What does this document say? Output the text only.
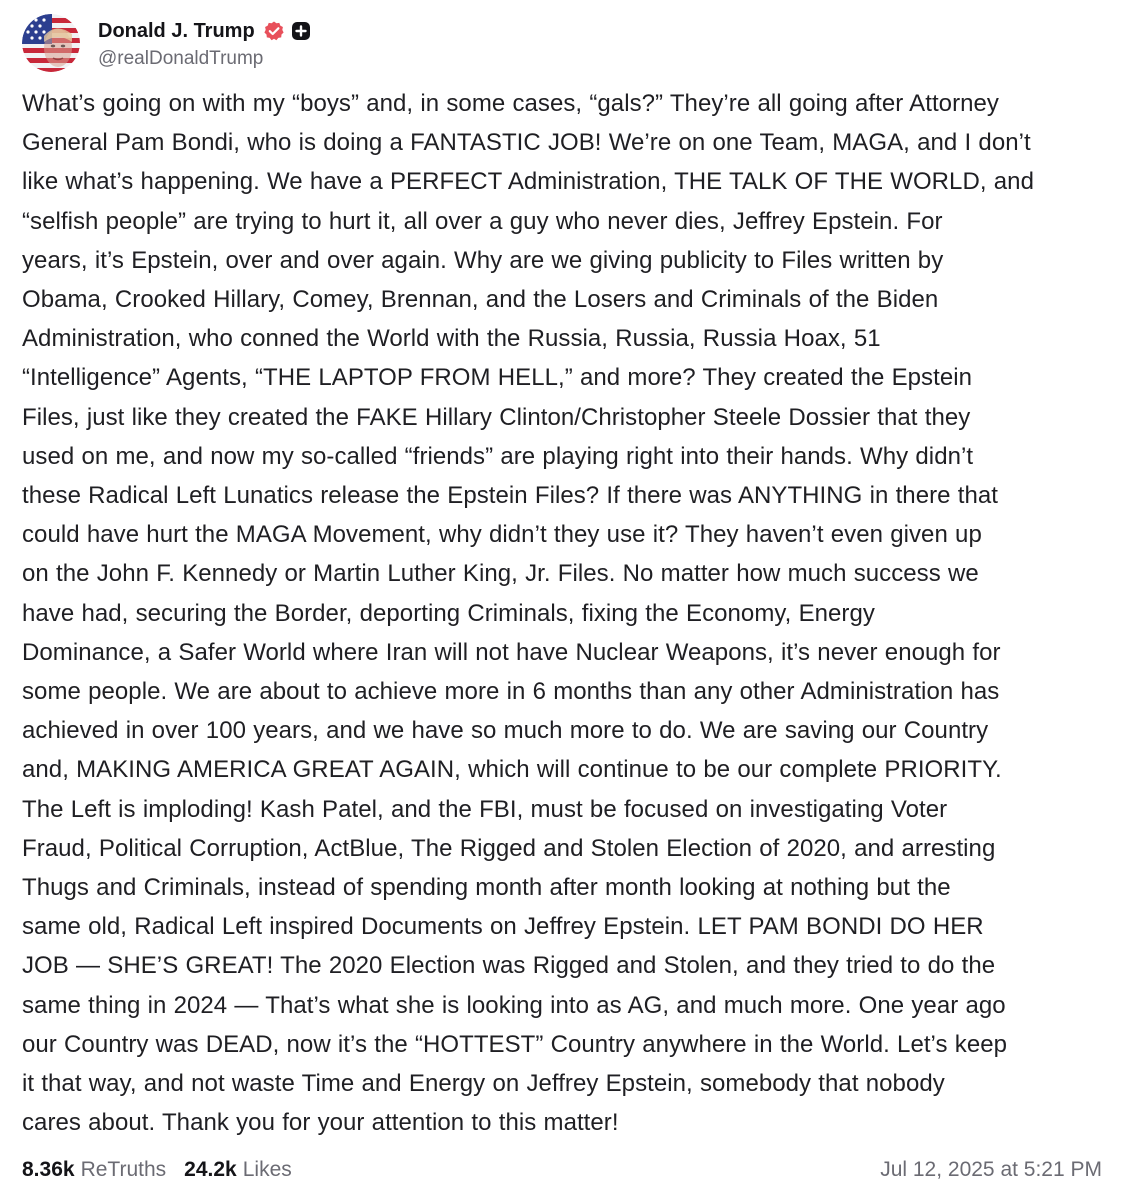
Donald J. Trump
@realDonaldTrump
What’s going on with my “boys” and, in some cases, “gals?” They’re all going after Attorney
General Pam Bondi, who is doing a FANTASTIC JOB! We’re on one Team, MAGA, and I don’t
like what’s happening. We have a PERFECT Administration, THE TALK OF THE WORLD, and
“selfish people” are trying to hurt it, all over a guy who never dies, Jeffrey Epstein. For
years, it’s Epstein, over and over again. Why are we giving publicity to Files written by
Obama, Crooked Hillary, Comey, Brennan, and the Losers and Criminals of the Biden
Administration, who conned the World with the Russia, Russia, Russia Hoax, 51
“Intelligence” Agents, “THE LAPTOP FROM HELL,” and more? They created the Epstein
Files, just like they created the FAKE Hillary Clinton/Christopher Steele Dossier that they
used on me, and now my so-called “friends” are playing right into their hands. Why didn’t
these Radical Left Lunatics release the Epstein Files? If there was ANYTHING in there that
could have hurt the MAGA Movement, why didn’t they use it? They haven’t even given up
on the John F. Kennedy or Martin Luther King, Jr. Files. No matter how much success we
have had, securing the Border, deporting Criminals, fixing the Economy, Energy
Dominance, a Safer World where Iran will not have Nuclear Weapons, it’s never enough for
some people. We are about to achieve more in 6 months than any other Administration has
achieved in over 100 years, and we have so much more to do. We are saving our Country
and, MAKING AMERICA GREAT AGAIN, which will continue to be our complete PRIORITY.
The Left is imploding! Kash Patel, and the FBI, must be focused on investigating Voter
Fraud, Political Corruption, ActBlue, The Rigged and Stolen Election of 2020, and arresting
Thugs and Criminals, instead of spending month after month looking at nothing but the
same old, Radical Left inspired Documents on Jeffrey Epstein. LET PAM BONDI DO HER
JOB — SHE’S GREAT! The 2020 Election was Rigged and Stolen, and they tried to do the
same thing in 2024 — That’s what she is looking into as AG, and much more. One year ago
our Country was DEAD, now it’s the “HOTTEST” Country anywhere in the World. Let’s keep
it that way, and not waste Time and Energy on Jeffrey Epstein, somebody that nobody
cares about. Thank you for your attention to this matter!
8.36k ReTruths 24.2k Likes	Jul 12, 2025 at 5:21 PM
